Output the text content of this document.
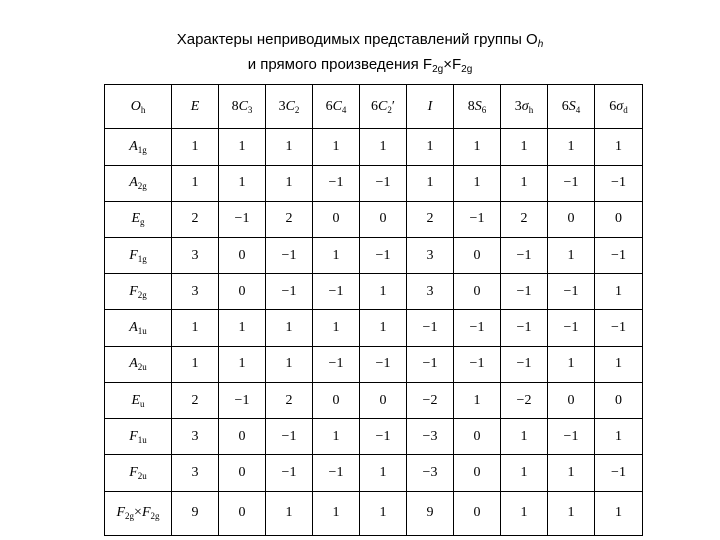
Характеры неприводимых представлений группы $O_h$
и прямого произведения $F_{2g}\times F_{2g}$
$O_h$	E	$8C_3$	$3C_2$	$6C_4$	$6C_2'$	I	$8S_6$	$3\sigma_h$	$6S_4$	$6\sigma_d$
$A_{1g}$	1	1	1	1	1	1	1	1	1	1
$A_{2g}$	1	1	1	−1	−1	1	1	1	−1	−1
$E_g$	2	−1	2	0	0	2	−1	2	0	0
$F_{1g}$	3	0	−1	1	−1	3	0	−1	1	−1
$F_{2g}$	3	0	−1	−1	1	3	0	−1	−1	1
$A_{1u}$	1	1	1	1	1	−1	−1	−1	−1	−1
$A_{2u}$	1	1	1	−1	−1	−1	−1	−1	1	1
$E_u$	2	−1	2	0	0	−2	1	−2	0	0
$F_{1u}$	3	0	−1	1	−1	−3	0	1	−1	1
$F_{2u}$	3	0	−1	−1	1	−3	0	1	1	−1
$F_{2g}\times F_{2g}$	9	0	1	1	1	9	0	1	1	1
